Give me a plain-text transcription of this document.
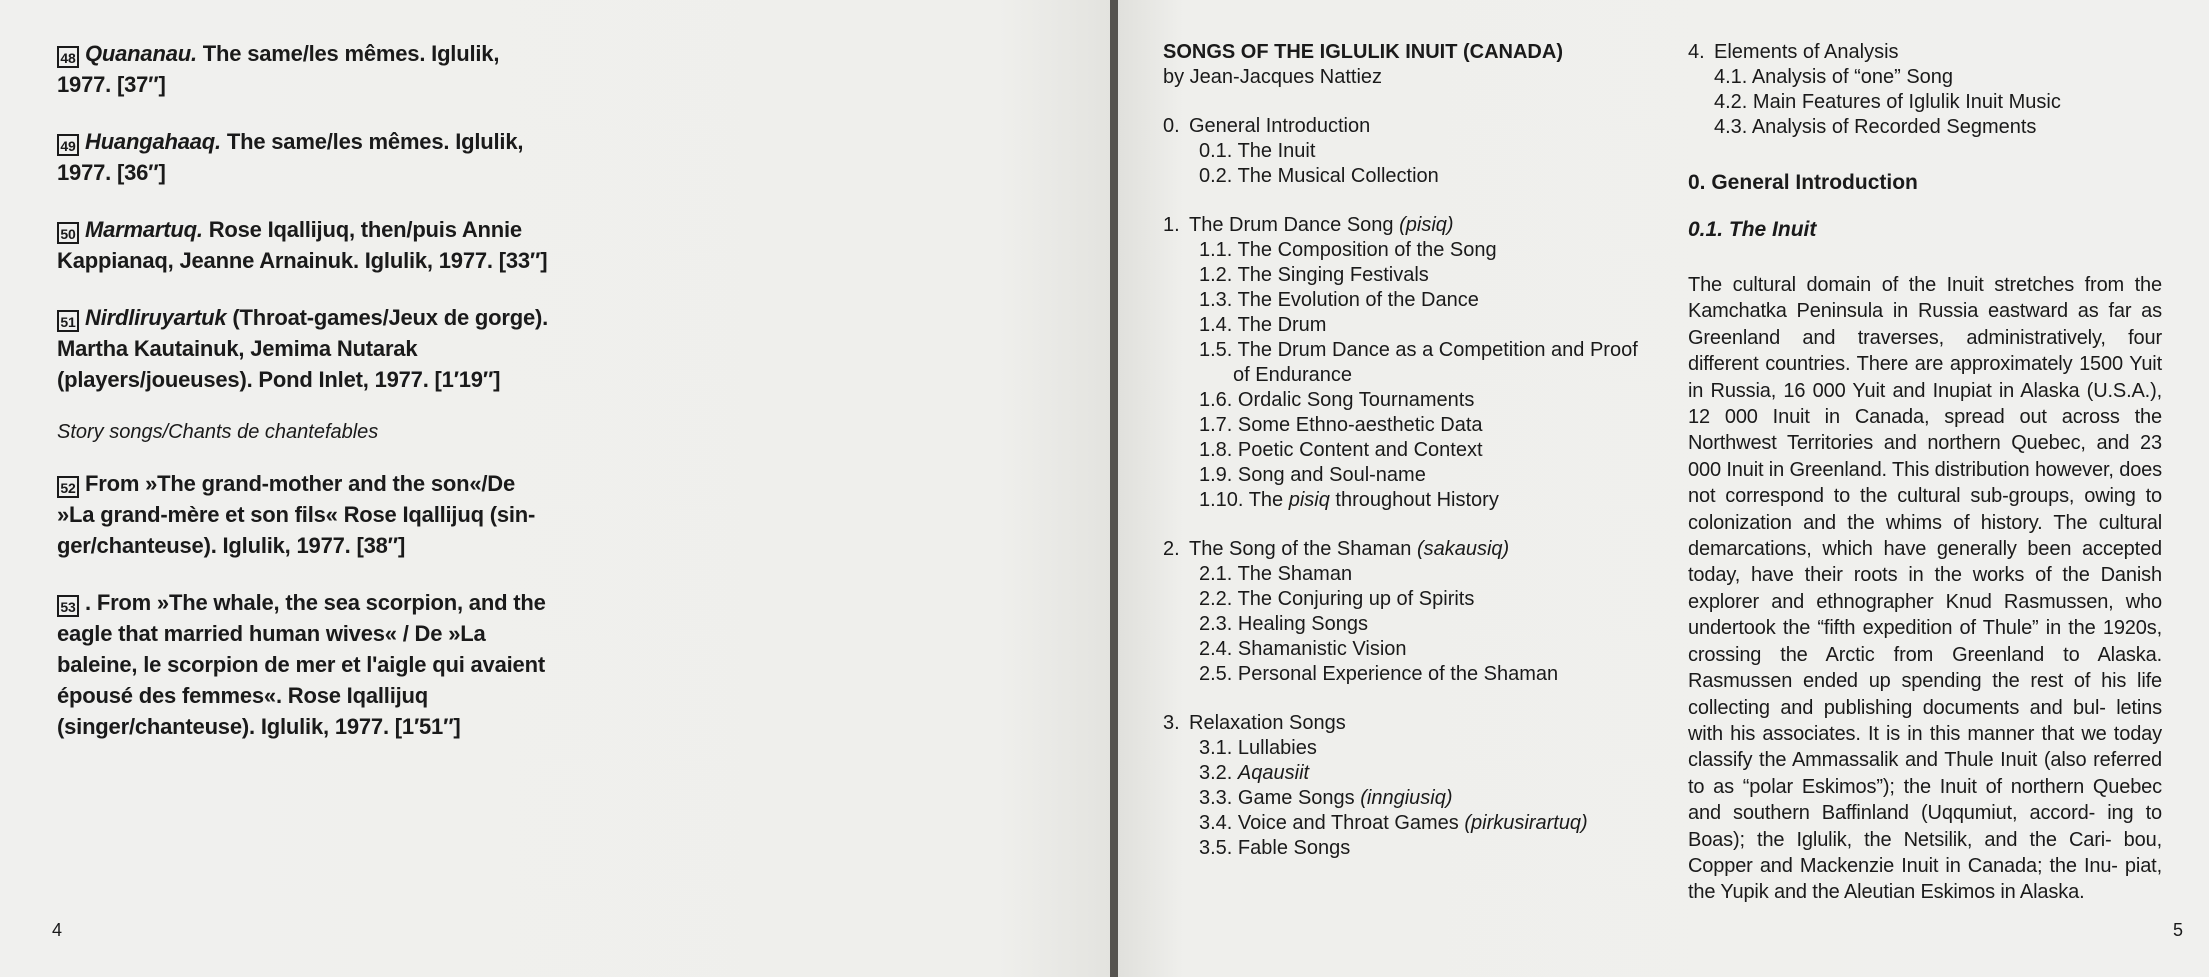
48 Quananau. The same/les mêmes. Iglulik, 1977. [37″]
49 Huangahaaq. The same/les mêmes. Iglulik, 1977. [36″]
50 Marmartuq. Rose Iqallijuq, then/puis Annie Kappianaq, Jeanne Arnainuk. Iglulik, 1977. [33″]
51 Nirdliruyartuk (Throat-games/Jeux de gorge). Martha Kautainuk, Jemima Nutarak (players/joueuses). Pond Inlet, 1977. [1′19″]
Story songs/Chants de chantefables
52 From »The grand-mother and the son«/De »La grand-mère et son fils« Rose Iqallijuq (sin- ger/chanteuse). Iglulik, 1977. [38″]
53 . From »The whale, the sea scorpion, and the eagle that married human wives« / De »La baleine, le scorpion de mer et l'aigle qui avaient épousé des femmes«. Rose Iqallijuq (singer/chanteuse). Iglulik, 1977. [1′51″]
4
SONGS OF THE IGLULIK INUIT (CANADA)
by Jean-Jacques Nattiez
0. General Introduction
0.1. The Inuit
0.2. The Musical Collection
1. The Drum Dance Song (pisiq)
1.1. The Composition of the Song
1.2. The Singing Festivals
1.3. The Evolution of the Dance
1.4. The Drum
1.5. The Drum Dance as a Competition and Proof of Endurance
1.6. Ordalic Song Tournaments
1.7. Some Ethno-aesthetic Data
1.8. Poetic Content and Context
1.9. Song and Soul-name
1.10. The pisiq throughout History
2. The Song of the Shaman (sakausiq)
2.1. The Shaman
2.2. The Conjuring up of Spirits
2.3. Healing Songs
2.4. Shamanistic Vision
2.5. Personal Experience of the Shaman
3. Relaxation Songs
3.1. Lullabies
3.2. Aqausiit
3.3. Game Songs (inngiusiq)
3.4. Voice and Throat Games (pirkusirartuq)
3.5. Fable Songs
4. Elements of Analysis
4.1. Analysis of “one” Song
4.2. Main Features of Iglulik Inuit Music
4.3. Analysis of Recorded Segments
0. General Introduction
0.1. The Inuit
The cultural domain of the Inuit stretches from the Kamchatka Peninsula in Russia eastward as far as Greenland and traverses, administratively, four different countries. There are approximately 1500 Yuit in Russia, 16 000 Yuit and Inupiat in Alaska (U.S.A.), 12 000 Inuit in Canada, spread out across the Northwest Territories and northern Quebec, and 23 000 Inuit in Greenland. This distribution however, does not correspond to the cultural sub-groups, owing to colonization and the whims of history. The cultural demarcations, which have generally been accepted today, have their roots in the works of the Danish explorer and ethnographer Knud Rasmussen, who undertook the “fifth expedition of Thule” in the 1920s, crossing the Arctic from Greenland to Alaska. Rasmussen ended up spending the rest of his life collecting and publishing documents and bul- letins with his associates. It is in this manner that we today classify the Ammassalik and Thule Inuit (also referred to as “polar Eskimos”); the Inuit of northern Quebec and southern Baffinland (Uqqumiut, accord- ing to Boas); the Iglulik, the Netsilik, and the Cari- bou, Copper and Mackenzie Inuit in Canada; the Inu- piat, the Yupik and the Aleutian Eskimos in Alaska.
5
